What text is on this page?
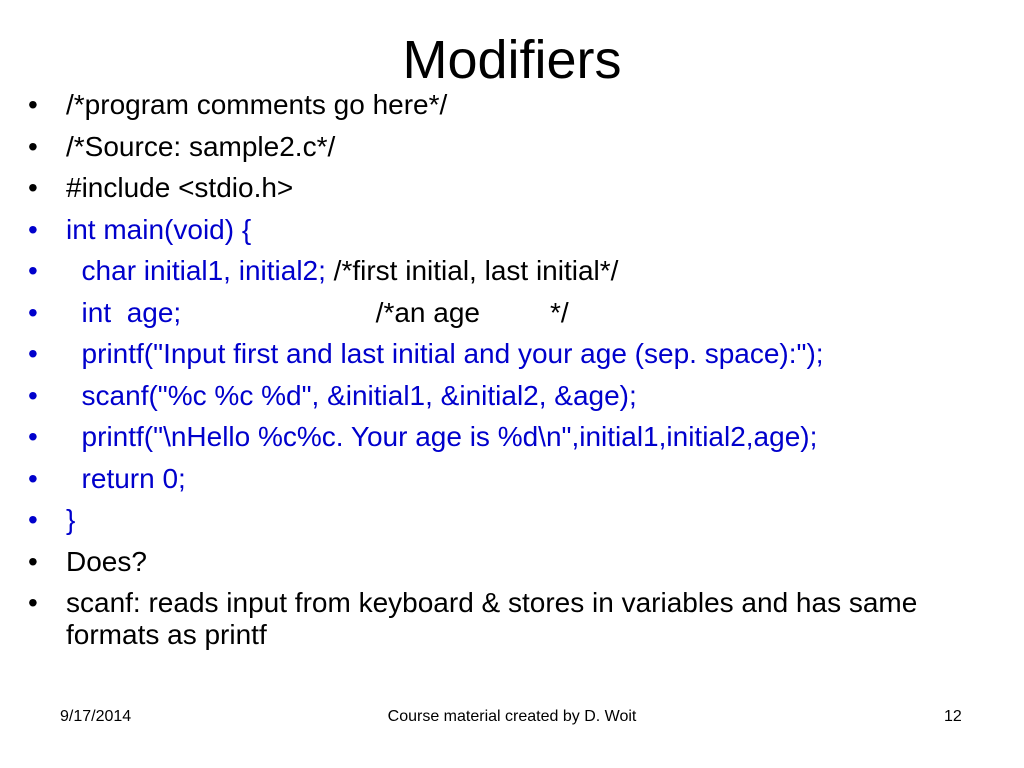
Modifiers
• /*program comments go here*/
• /*Source: sample2.c*/
• #include <stdio.h>
• int main(void) {
• char initial1, initial2; /*first initial, last initial*/
• int  age;                         /*an age         */
• printf("Input first and last initial and your age (sep. space):");
• scanf("%c %c %d", &initial1, &initial2, &age);
• printf("\nHello %c%c. Your age is %d\n",initial1,initial2,age);
• return 0;
• }
• Does?
• scanf: reads input from keyboard & stores in variables and has same formats as printf
9/17/2014	Course material created by D. Woit	12
